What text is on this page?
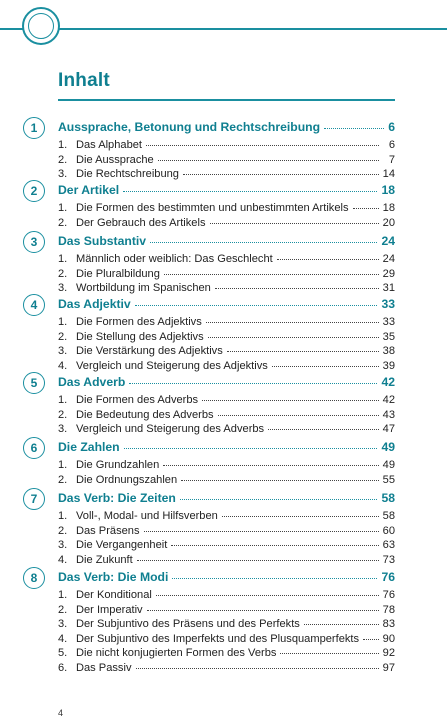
Inhalt
1	Aussprache, Betonung und Rechtschreibung	6
1. Das Alphabet	6
2. Die Aussprache	7
3. Die Rechtschreibung	14
2	Der Artikel	18
1. Die Formen des bestimmten und unbestimmten Artikels	18
2. Der Gebrauch des Artikels	20
3	Das Substantiv	24
1. Männlich oder weiblich: Das Geschlecht	24
2. Die Pluralbildung	29
3. Wortbildung im Spanischen	31
4	Das Adjektiv	33
1. Die Formen des Adjektivs	33
2. Die Stellung des Adjektivs	35
3. Die Verstärkung des Adjektivs	38
4. Vergleich und Steigerung des Adjektivs	39
5	Das Adverb	42
1. Die Formen des Adverbs	42
2. Die Bedeutung des Adverbs	43
3. Vergleich und Steigerung des Adverbs	47
6	Die Zahlen	49
1. Die Grundzahlen	49
2. Die Ordnungszahlen	55
7	Das Verb: Die Zeiten	58
1. Voll-, Modal- und Hilfsverben	58
2. Das Präsens	60
3. Die Vergangenheit	63
4. Die Zukunft	73
8	Das Verb: Die Modi	76
1. Der Konditional	76
2. Der Imperativ	78
3. Der Subjuntivo des Präsens und des Perfekts	83
4. Der Subjuntivo des Imperfekts und des Plusquamperfekts 90
5. Die nicht konjugierten Formen des Verbs	92
6. Das Passiv	97
4
